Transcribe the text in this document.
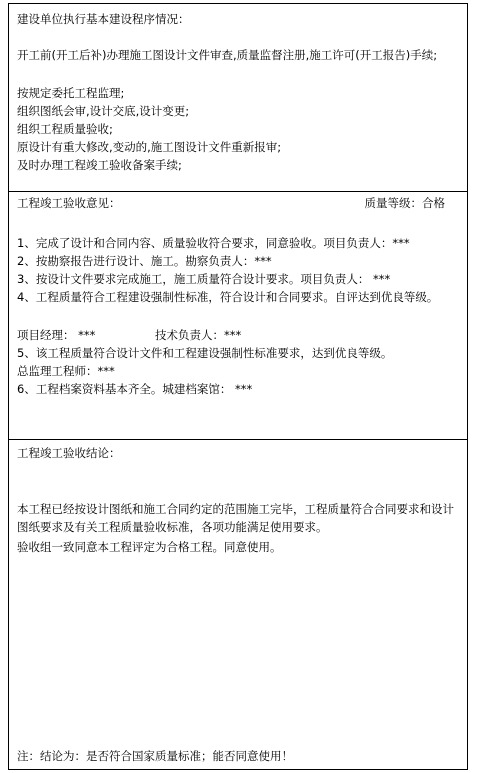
建设单位执行基本建设程序情况：
开工前(开工后补)办理施工图设计文件审查,质量监督注册,施工许可(开工报告)手续;
按规定委托工程监理;
组织图纸会审,设计交底,设计变更;
组织工程质量验收;
原设计有重大修改,变动的,施工图设计文件重新报审;
及时办理工程竣工验收备案手续;
工程竣工验收意见：	质量等级：合格
1、完成了设计和合同内容、质量验收符合要求，同意验收。项目负责人：***
2、按勘察报告进行设计、施工。勘察负责人：***
3、按设计文件要求完成施工，施工质量符合设计要求。项目负责人： ***
4、工程质量符合工程建设强制性标准，符合设计和合同要求。自评达到优良等级。
项目经理： ***	技术负责人：***
5、该工程质量符合设计文件和工程建设强制性标准要求，达到优良等级。
总监理工程师：***
6、工程档案资料基本齐全。城建档案馆： ***
工程竣工验收结论：
本工程已经按设计图纸和施工合同约定的范围施工完毕，工程质量符合合同要求和设计图纸要求及有关工程质量验收标准，各项功能满足使用要求。
验收组一致同意本工程评定为合格工程。同意使用。
注：结论为：是否符合国家质量标准；能否同意使用！
